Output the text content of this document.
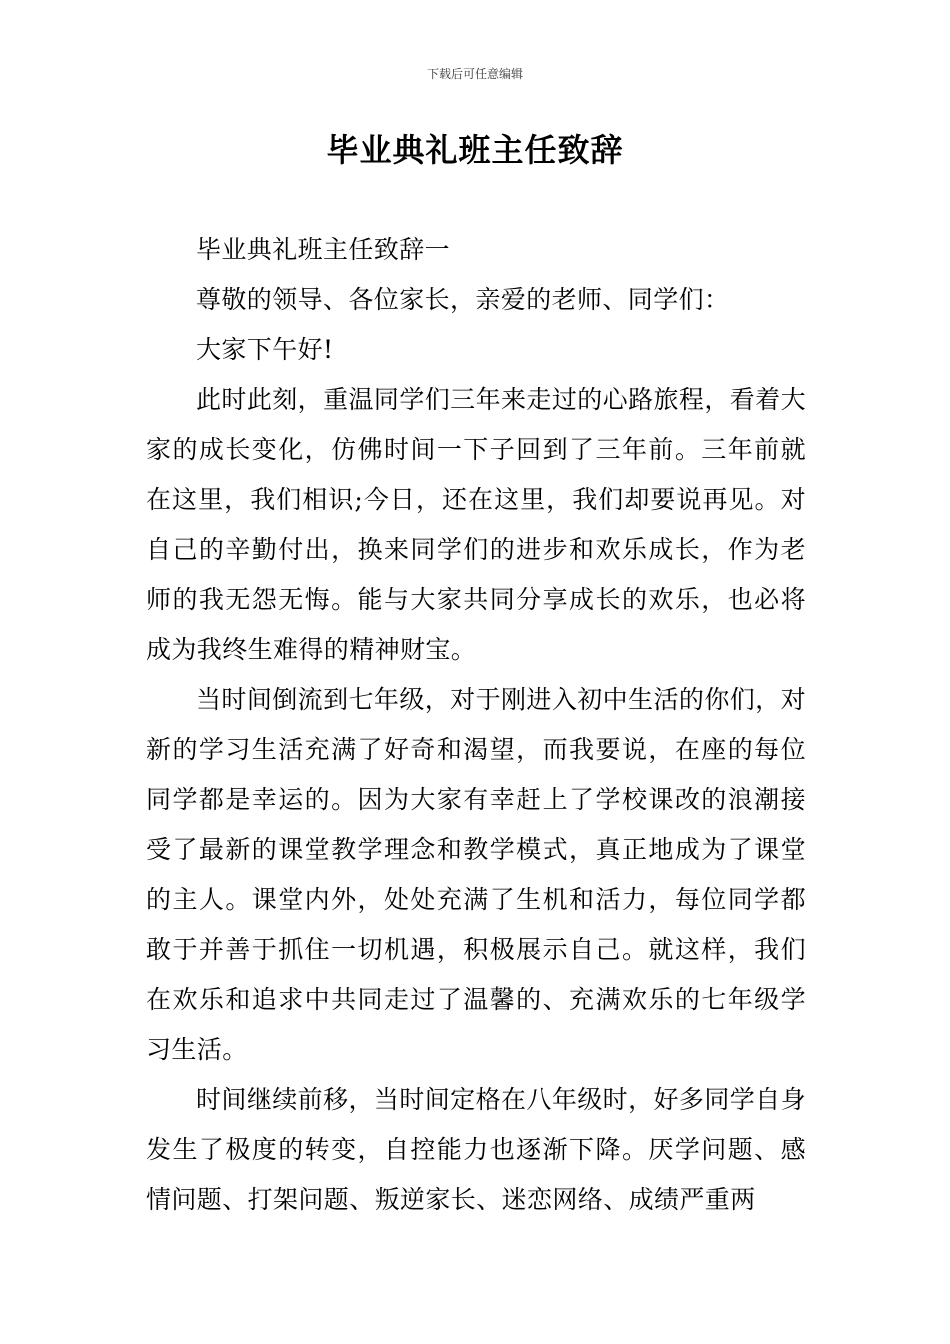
下载后可任意编辑
毕业典礼班主任致辞

毕业典礼班主任致辞一

尊敬的领导、各位家长，亲爱的老师、同学们：

大家下午好!

此时此刻，重温同学们三年来走过的心路旅程，看着大家的成长变化，仿佛时间一下子回到了三年前。三年前就在这里，我们相识;今日，还在这里，我们却要说再见。对自己的辛勤付出，换来同学们的进步和欢乐成长，作为老师的我无怨无悔。能与大家共同分享成长的欢乐，也必将成为我终生难得的精神财宝。

当时间倒流到七年级，对于刚进入初中生活的你们，对新的学习生活充满了好奇和渴望，而我要说，在座的每位同学都是幸运的。因为大家有幸赶上了学校课改的浪潮接受了最新的课堂教学理念和教学模式，真正地成为了课堂的主人。课堂内外，处处充满了生机和活力，每位同学都敢于并善于抓住一切机遇，积极展示自己。就这样，我们在欢乐和追求中共同走过了温馨的、充满欢乐的七年级学习生活。

时间继续前移，当时间定格在八年级时，好多同学自身发生了极度的转变，自控能力也逐渐下降。厌学问题、感情问题、打架问题、叛逆家长、迷恋网络、成绩严重两
